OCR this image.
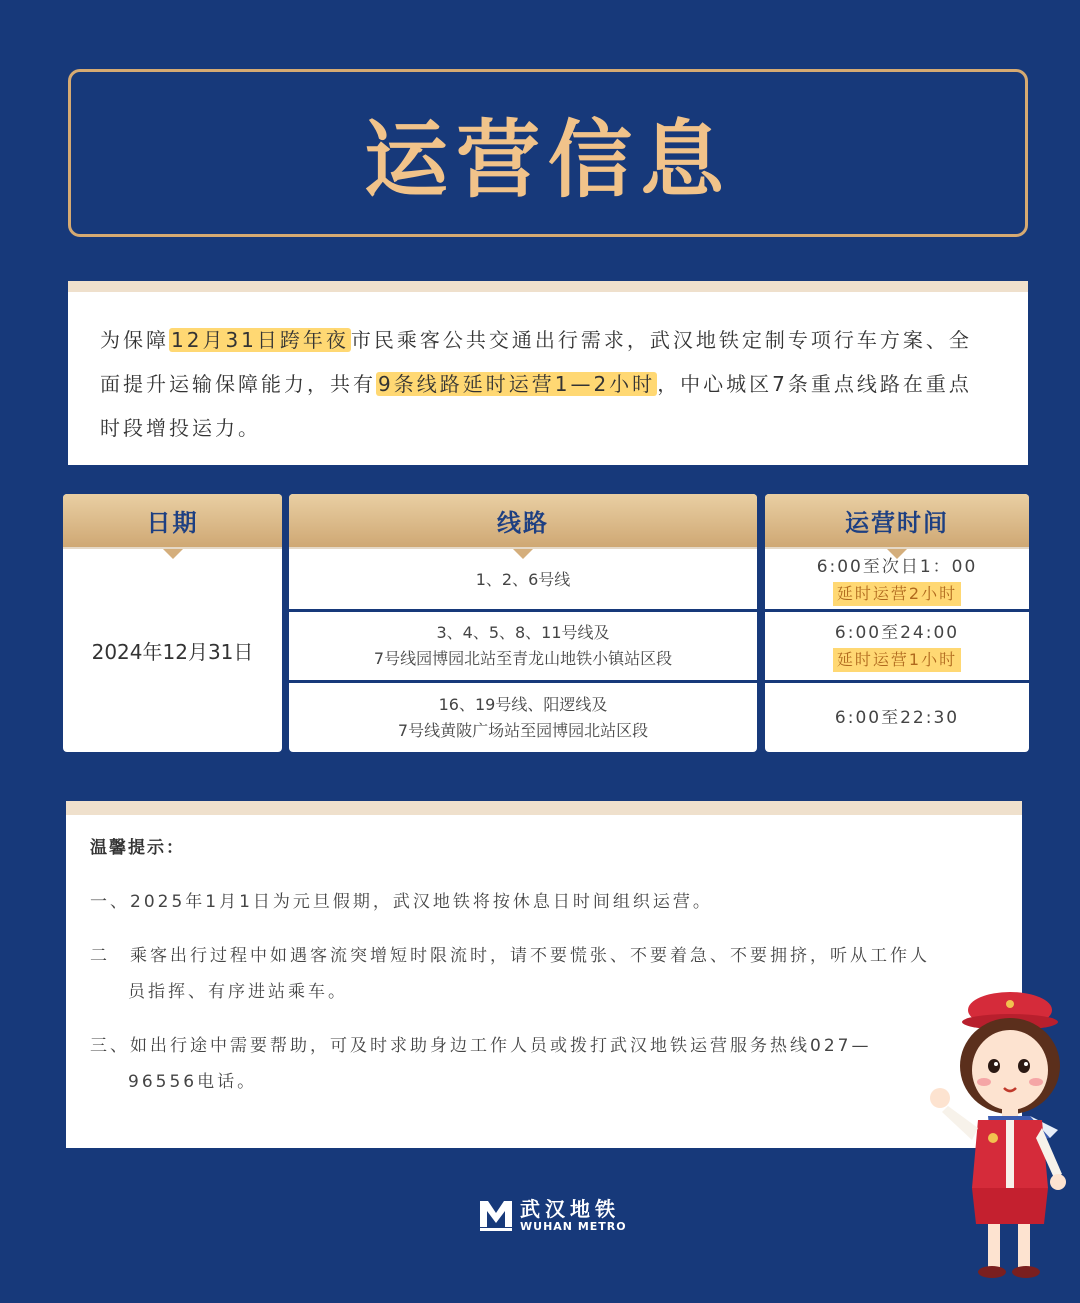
运营信息

为保障 12月31日跨年夜 市民乘客公共交通出行需求，武汉地铁定制专项行车方案、全面提升运输保障能力，共有 9条线路延时运营1—2小时 ，中心城区7条重点线路在重点时段增投运力。

日期
2024年12月31日
线路
1、2、6号线
3、4、5、8、11号线及
7号线园博园北站至青龙山地铁小镇站区段
16、19号线、阳逻线及
7号线黄陂广场站至园博园北站区段
运营时间
6:00至次日1：00
延时运营2小时
6:00至24:00
延时运营1小时
6:00至22:30
温馨提示：

一、2025年1月1日为元旦假期，武汉地铁将按休息日时间组织运营。

二　乘客出行过程中如遇客流突增短时限流时，请不要慌张、不要着急、不要拥挤，听从工作人员指挥、有序进站乘车。

三、如出行途中需要帮助，可及时求助身边工作人员或拨打武汉地铁运营服务热线027—96556电话。

武汉地铁
WUHAN METRO
